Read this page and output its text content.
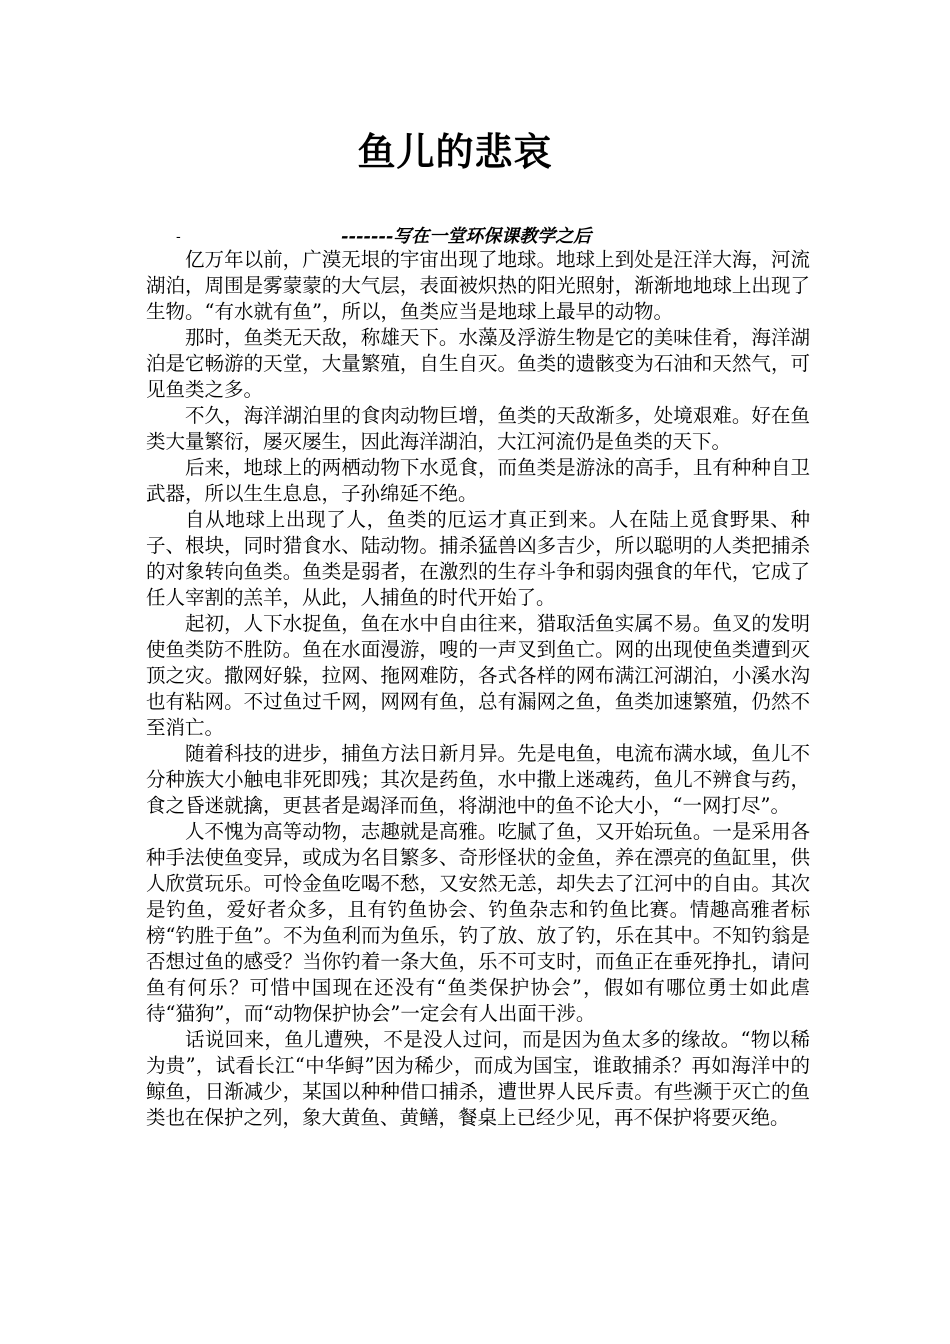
鱼儿的悲哀
-	-------写在一堂环保课教学之后

亿万年以前，广漠无垠的宇宙出现了地球。地球上到处是汪洋大海，河流湖泊，周围是雾蒙蒙的大气层，表面被炽热的阳光照射，渐渐地地球上出现了生物。“有水就有鱼”，所以，鱼类应当是地球上最早的动物。

那时，鱼类无天敌，称雄天下。水藻及浮游生物是它的美味佳肴，海洋湖泊是它畅游的天堂，大量繁殖，自生自灭。鱼类的遗骸变为石油和天然气，可见鱼类之多。

不久，海洋湖泊里的食肉动物巨增，鱼类的天敌渐多，处境艰难。好在鱼类大量繁衍，屡灭屡生，因此海洋湖泊，大江河流仍是鱼类的天下。

后来，地球上的两栖动物下水觅食，而鱼类是游泳的高手，且有种种自卫武器，所以生生息息，子孙绵延不绝。

自从地球上出现了人，鱼类的厄运才真正到来。人在陆上觅食野果、种子、根块，同时猎食水、陆动物。捕杀猛兽凶多吉少，所以聪明的人类把捕杀的对象转向鱼类。鱼类是弱者，在激烈的生存斗争和弱肉强食的年代，它成了任人宰割的羔羊，从此，人捕鱼的时代开始了。

起初，人下水捉鱼，鱼在水中自由往来，猎取活鱼实属不易。鱼叉的发明使鱼类防不胜防。鱼在水面漫游，嗖的一声叉到鱼亡。网的出现使鱼类遭到灭顶之灾。撒网好躲，拉网、拖网难防，各式各样的网布满江河湖泊，小溪水沟也有粘网。不过鱼过千网，网网有鱼，总有漏网之鱼，鱼类加速繁殖，仍然不至消亡。

随着科技的进步，捕鱼方法日新月异。先是电鱼，电流布满水域，鱼儿不分种族大小触电非死即残；其次是药鱼，水中撒上迷魂药，鱼儿不辨食与药，食之昏迷就擒，更甚者是竭泽而鱼，将湖池中的鱼不论大小，“一网打尽”。

人不愧为高等动物，志趣就是高雅。吃腻了鱼，又开始玩鱼。一是采用各种手法使鱼变异，或成为名目繁多、奇形怪状的金鱼，养在漂亮的鱼缸里，供人欣赏玩乐。可怜金鱼吃喝不愁，又安然无恙，却失去了江河中的自由。其次是钓鱼，爱好者众多，且有钓鱼协会、钓鱼杂志和钓鱼比赛。情趣高雅者标榜“钓胜于鱼”。不为鱼利而为鱼乐，钓了放、放了钓，乐在其中。不知钓翁是否想过鱼的感受？当你钓着一条大鱼，乐不可支时，而鱼正在垂死挣扎，请问鱼有何乐？可惜中国现在还没有“鱼类保护协会”，假如有哪位勇士如此虐待“猫狗”，而“动物保护协会”一定会有人出面干涉。

话说回来，鱼儿遭殃，不是没人过问，而是因为鱼太多的缘故。“物以稀为贵”，试看长江“中华鲟”因为稀少，而成为国宝，谁敢捕杀？再如海洋中的鲸鱼，日渐减少，某国以种种借口捕杀，遭世界人民斥责。有些濒于灭亡的鱼类也在保护之列，象大黄鱼、黄鳝，餐桌上已经少见，再不保护将要灭绝。
